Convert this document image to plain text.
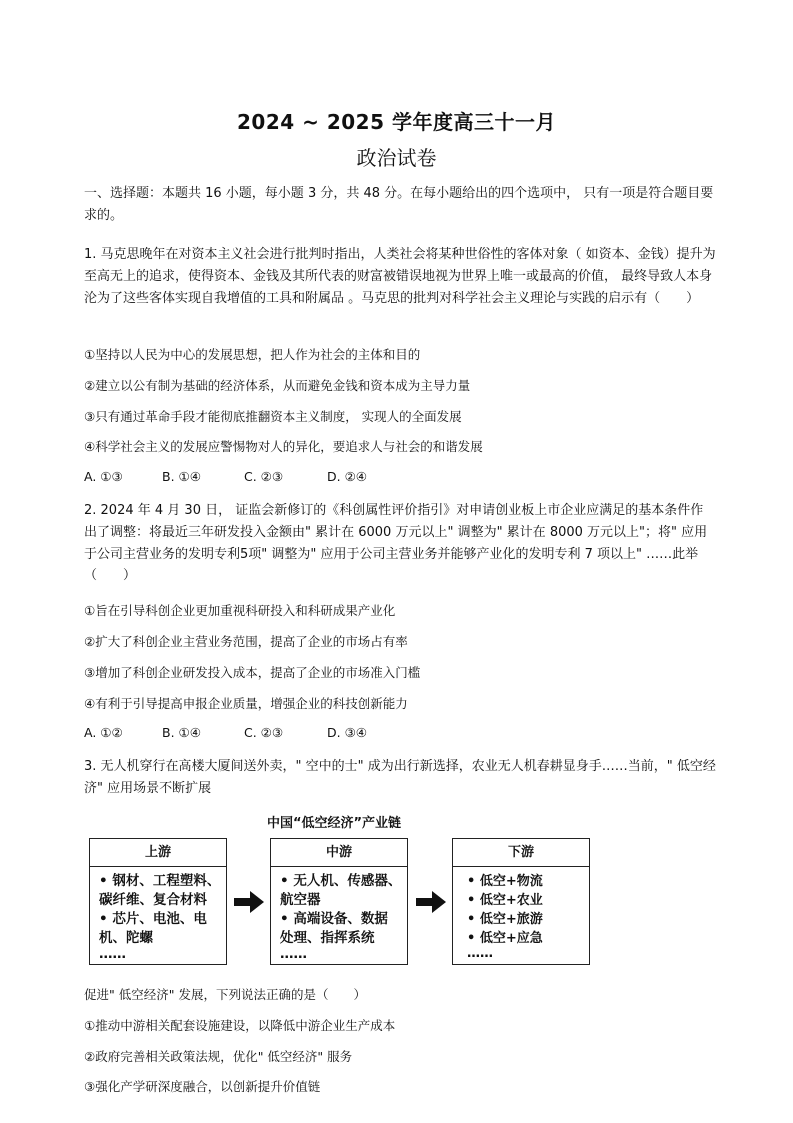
2024 ~ 2025 学年度高三十一月
政治试卷
一、选择题：本题共 16 小题，每小题 3 分，共 48 分。在每小题给出的四个选项中， 只有一项是符合题目要求的。
1. 马克思晚年在对资本主义社会进行批判时指出，人类社会将某种世俗性的客体对象（ 如资本、金钱）提升为至高无上的追求，使得资本、金钱及其所代表的财富被错误地视为世界上唯一或最高的价值， 最终导致人本身沦为了这些客体实现自我增值的工具和附属品 。马克思的批判对科学社会主义理论与实践的启示有（　　）
①坚持以人民为中心的发展思想，把人作为社会的主体和目的
②建立以公有制为基础的经济体系，从而避免金钱和资本成为主导力量
③只有通过革命手段才能彻底推翻资本主义制度， 实现人的全面发展
④科学社会主义的发展应警惕物对人的异化，要追求人与社会的和谐发展
A. ①③	B. ①④	C. ②③	D. ②④
2. 2024 年 4 月 30 日， 证监会新修订的《科创属性评价指引》对申请创业板上市企业应满足的基本条件作出了调整：将最近三年研发投入金额由" 累计在 6000 万元以上" 调整为" 累计在 8000 万元以上"；将" 应用于公司主营业务的发明专利5项" 调整为" 应用于公司主营业务并能够产业化的发明专利 7 项以上" ……此举（　　）
①旨在引导科创企业更加重视科研投入和科研成果产业化
②扩大了科创企业主营业务范围，提高了企业的市场占有率
③增加了科创企业研发投入成本，提高了企业的市场准入门槛
④有利于引导提高申报企业质量，增强企业的科技创新能力
A. ①②	B. ①④	C. ②③	D. ③④
3. 无人机穿行在高楼大厦间送外卖，" 空中的士" 成为出行新选择，农业无人机春耕显身手……当前，" 低空经济" 应用场景不断扩展
中国“低空经济”产业链
上游
• 钢材、工程塑料、
碳纤维、复合材料
• 芯片、电池、电
机、陀螺
……
中游
• 无人机、传感器、
航空器
• 高端设备、数据
处理、指挥系统
……
下游
• 低空+物流
• 低空+农业
• 低空+旅游
• 低空+应急
……
促进" 低空经济" 发展，下列说法正确的是（　　）
①推动中游相关配套设施建设，以降低中游企业生产成本
②政府完善相关政策法规，优化" 低空经济" 服务
③强化产学研深度融合，以创新提升价值链
